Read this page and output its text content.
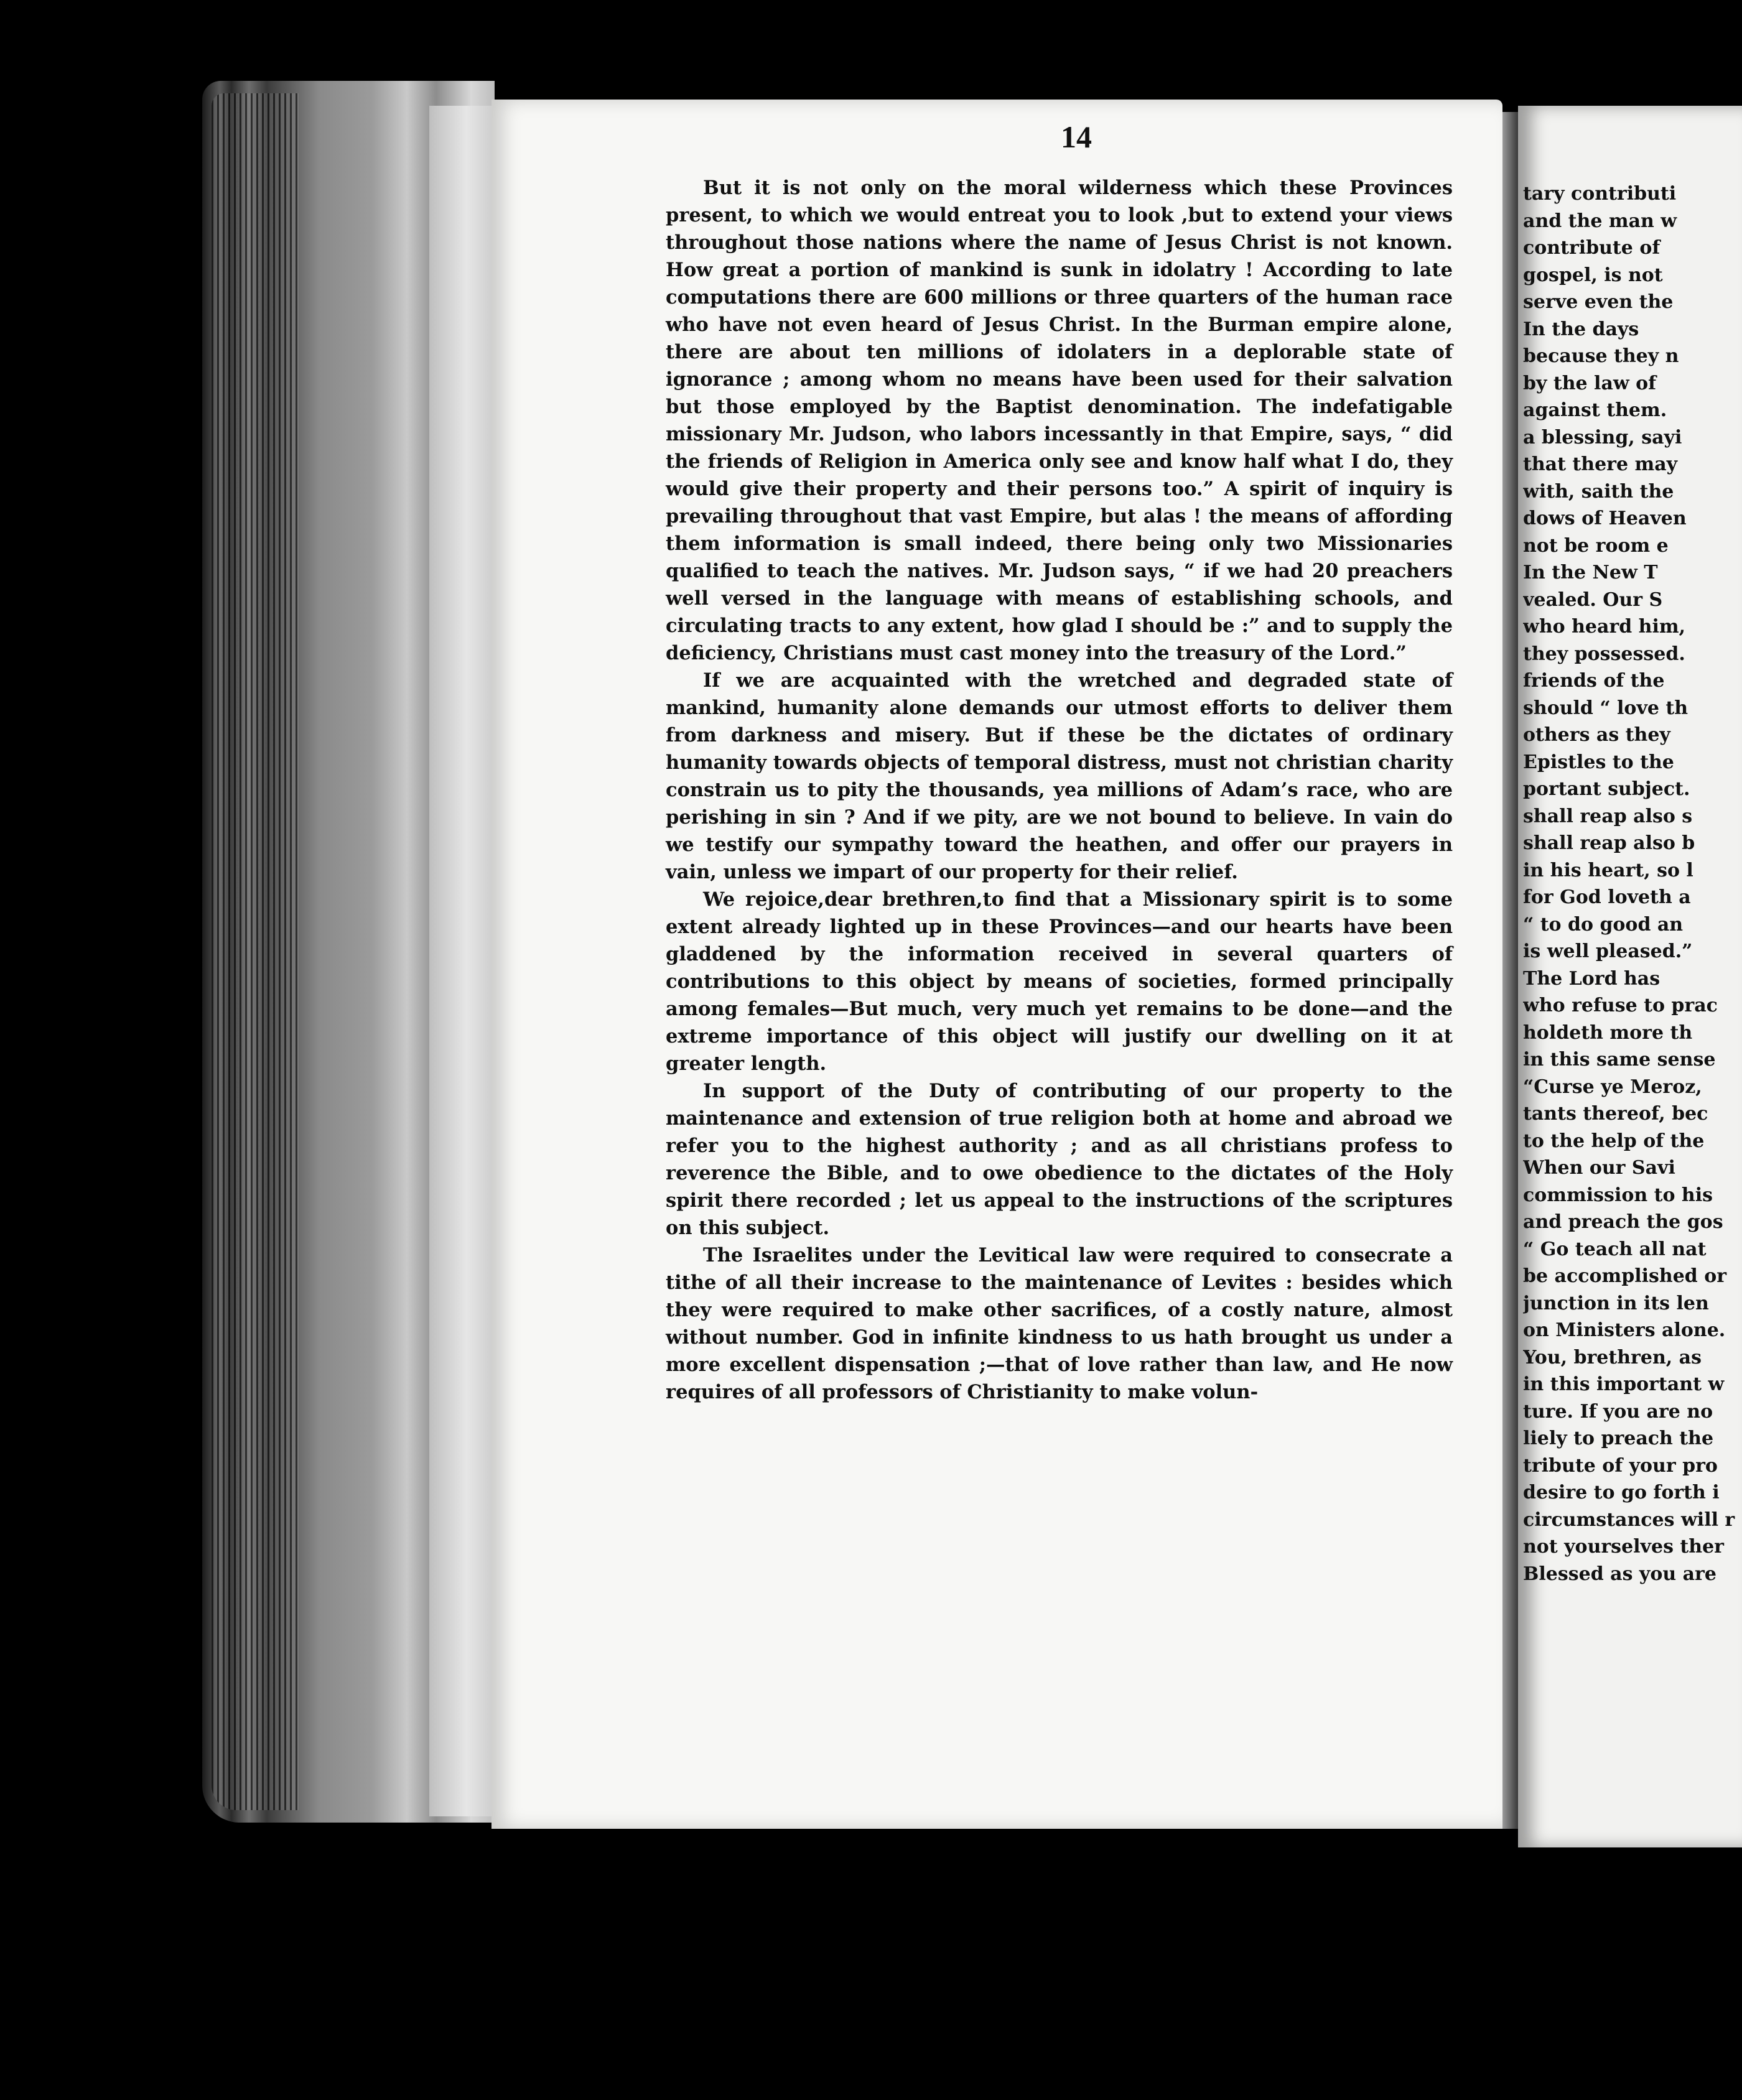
14

But it is not only on the moral wilderness which these Provinces present, to which we would entreat you to look ,but to extend your views throughout those nations where the name of Jesus Christ is not known. How great a portion of mankind is sunk in idolatry ! According to late computations there are 600 millions or three quarters of the human race who have not even heard of Jesus Christ. In the Burman empire alone, there are about ten millions of idolaters in a deplorable state of ignorance ; among whom no means have been used for their salvation but those employed by the Baptist denomination. The indefatigable missionary Mr. Judson, who labors incessantly in that Empire, says, “ did the friends of Religion in America only see and know half what I do, they would give their property and their persons too.” A spirit of inquiry is prevailing throughout that vast Empire, but alas ! the means of affording them information is small indeed, there being only two Missionaries qualified to teach the natives. Mr. Judson says, “ if we had 20 preachers well versed in the language with means of establishing schools, and circulating tracts to any extent, how glad I should be :” and to supply the deficiency, Christians must cast money into the treasury of the Lord.”

If we are acquainted with the wretched and degraded state of mankind, humanity alone demands our utmost efforts to deliver them from darkness and misery. But if these be the dictates of ordinary humanity towards objects of temporal distress, must not christian charity constrain us to pity the thousands, yea millions of Adam’s race, who are perishing in sin ? And if we pity, are we not bound to believe. In vain do we testify our sympathy toward the heathen, and offer our prayers in vain, unless we impart of our property for their relief.

We rejoice,dear brethren,to find that a Missionary spirit is to some extent already lighted up in these Provinces—and our hearts have been gladdened by the information received in several quarters of contributions to this object by means of societies, formed principally among females—But much, very much yet remains to be done—and the extreme importance of this object will justify our dwelling on it at greater length.

In support of the Duty of contributing of our property to the maintenance and extension of true religion both at home and abroad we refer you to the highest authority ; and as all christians profess to reverence the Bible, and to owe obedience to the dictates of the Holy spirit there recorded ; let us appeal to the instructions of the scriptures on this subject.

The Israelites under the Levitical law were required to consecrate a tithe of all their increase to the maintenance of Levites : besides which they were required to make other sacrifices, of a costly nature, almost without number. God in infinite kindness to us hath brought us under a more excellent dispensation ;—that of love rather than law, and He now requires of all professors of Christianity to make volun-

tary contributi
and the man w
contribute of
gospel, is not
serve even the
In the days
because they n
by the law of
against them.
a blessing, sayi
that there may
with, saith the
dows of Heaven
not be room e
In the New T
vealed. Our S
who heard him,
they possessed.
friends of the
should “ love th
others as they
Epistles to the
portant subject.
shall reap also s
shall reap also b
in his heart, so l
for God loveth a
“ to do good an
is well pleased.”
The Lord has
who refuse to prac
holdeth more th
in this same sense
“Curse ye Meroz,
tants thereof, bec
to the help of the
When our Savi
commission to his
and preach the gos
“ Go teach all nat
be accomplished or
junction in its len
on Ministers alone.
You, brethren, as
in this important w
ture. If you are no
liely to preach the
tribute of your pro
desire to go forth i
circumstances will r
not yourselves ther
Blessed as you are
